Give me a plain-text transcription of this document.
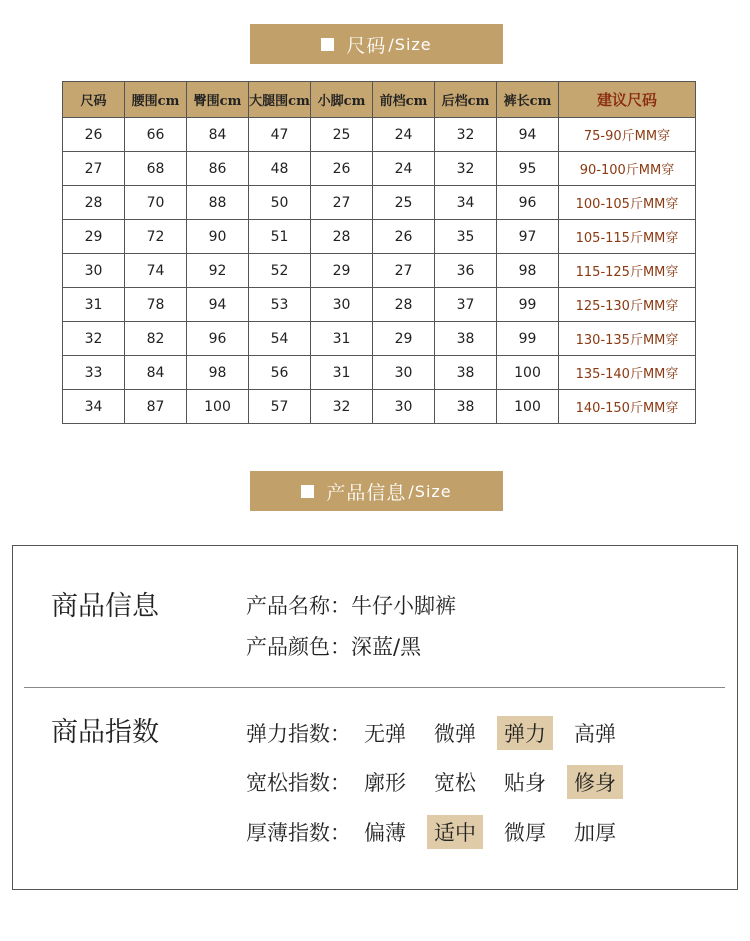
尺码 /Size
尺码	腰围cm	臀围cm	大腿围cm	小脚cm	前档cm	后档cm	裤长cm	建议尺码
26	66	84	47	25	24	32	94	75-90斤MM穿
27	68	86	48	26	24	32	95	90-100斤MM穿
28	70	88	50	27	25	34	96	100-105斤MM穿
29	72	90	51	28	26	35	97	105-115斤MM穿
30	74	92	52	29	27	36	98	115-125斤MM穿
31	78	94	53	30	28	37	99	125-130斤MM穿
32	82	96	54	31	29	38	99	130-135斤MM穿
33	84	98	56	31	30	38	100	135-140斤MM穿
34	87	100	57	32	30	38	100	140-150斤MM穿
产品信息 /Size
商品信息	产品名称： 牛仔小脚裤
产品颜色： 深蓝/黑
商品指数	弹力指数： 无弹	微弹	弹力	高弹
宽松指数： 廓形	宽松	贴身	修身
厚薄指数： 偏薄	适中	微厚	加厚
